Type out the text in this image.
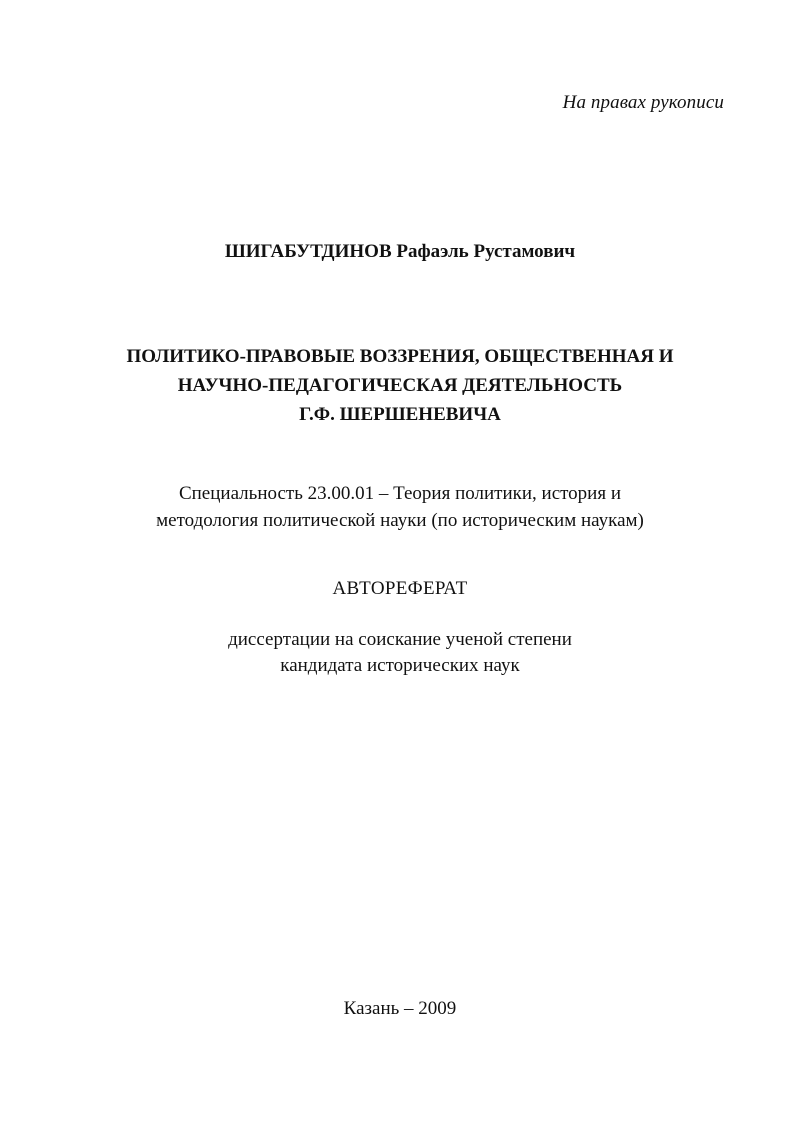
На правах рукописи
ШИГАБУТДИНОВ Рафаэль Рустамович
ПОЛИТИКО-ПРАВОВЫЕ ВОЗЗРЕНИЯ, ОБЩЕСТВЕННАЯ И
НАУЧНО-ПЕДАГОГИЧЕСКАЯ ДЕЯТЕЛЬНОСТЬ
Г.Ф. ШЕРШЕНЕВИЧА
Специальность 23.00.01 – Теория политики, история и
методология политической науки (по историческим наукам)
АВТОРЕФЕРАТ
диссертации на соискание ученой степени
кандидата исторических наук
Казань – 2009
